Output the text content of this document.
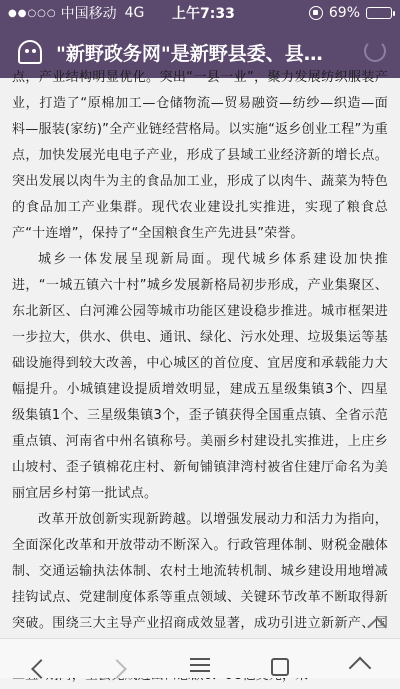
●●○○○ 中国移动 4G 上午7:33	69%
"新野政务网"是新野县委、县…

点，产业结构明显优化。突出“一县一业”，聚力发展纺织服装产业，打造了“原棉加工—仓储物流—贸易融资—纺纱—织造—面料—服装(家纺)”全产业链经营格局。以实施“返乡创业工程”为重点，加快发展光电电子产业，形成了县域工业经济新的增长点。突出发展以肉牛为主的食品加工业，形成了以肉牛、蔬菜为特色的食品加工产业集群。现代农业建设扎实推进，实现了粮食总产“十连增”，保持了“全国粮食生产先进县”荣誉。

城乡一体发展呈现新局面。现代城乡体系建设加快推进，“一城五镇六十村”城乡发展新格局初步形成，产业集聚区、东北新区、白河滩公园等城市功能区建设稳步推进。城市框架进一步拉大，供水、供电、通讯、绿化、污水处理、垃圾集运等基础设施得到较大改善，中心城区的首位度、宜居度和承载能力大幅提升。小城镇建设提质增效明显，建成五星级集镇3个、四星级集镇1个、三星级集镇3个，歪子镇获得全国重点镇、全省示范重点镇、河南省中州名镇称号。美丽乡村建设扎实推进，上庄乡山坡村、歪子镇棉花庄村、新甸铺镇津湾村被省住建厅命名为美丽宜居乡村第一批试点。

改革开放创新实现新跨越。以增强发展动力和活力为指向，全面深化改革和开放带动不断深入。行政管理体制、财税金融体制、交通运输执法体制、农村土地流转机制、城乡建设用地增减挂钩试点、党建制度体系等重点领域、关键环节改革不断取得新突破。围绕三大主导产业招商成效显著，成功引进立新新产、国
